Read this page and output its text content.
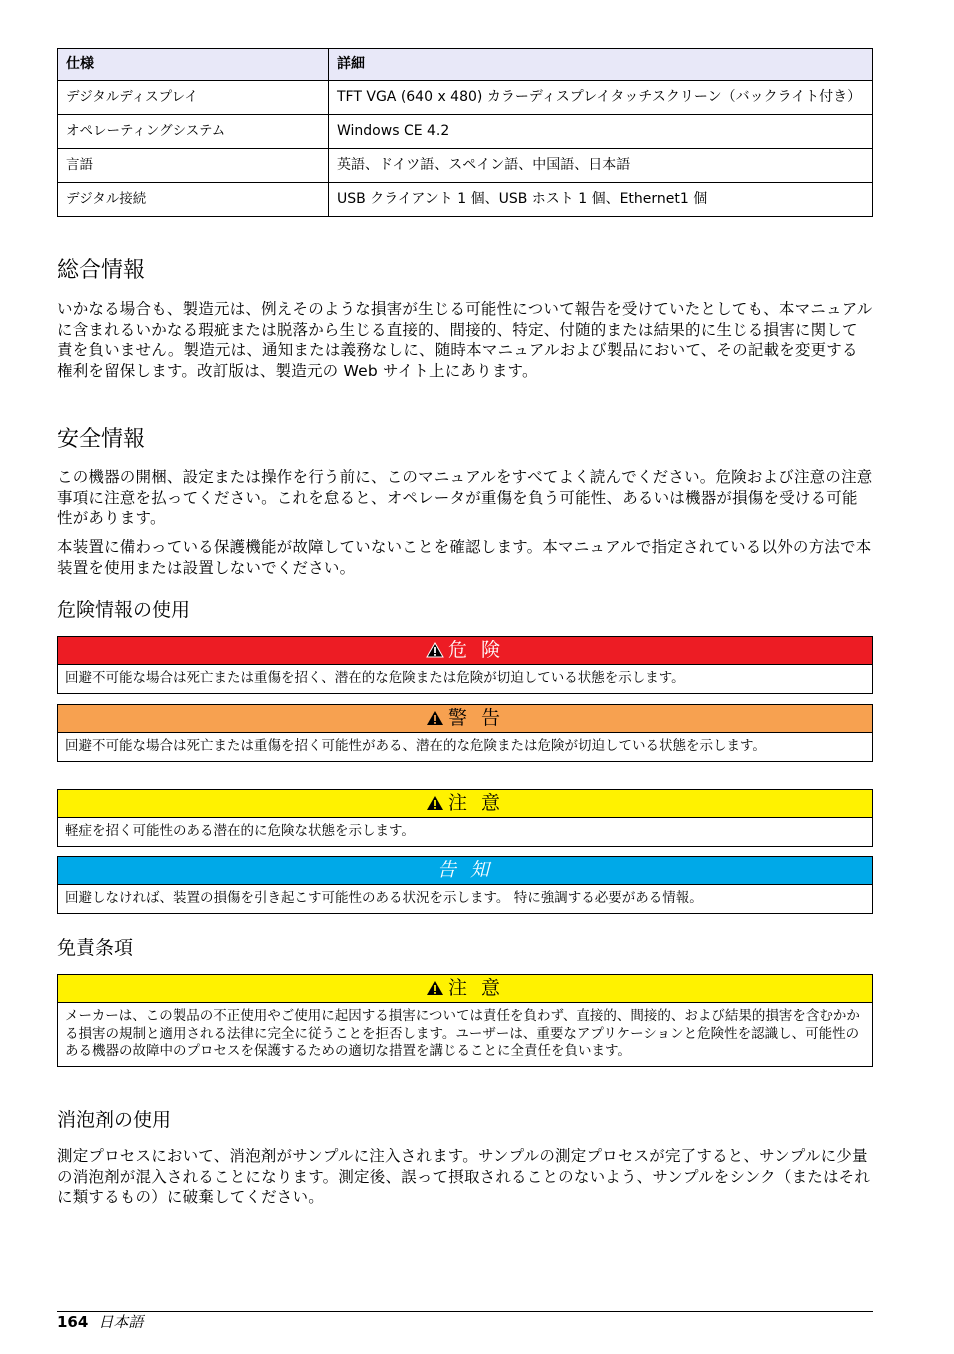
仕様	詳細
デジタルディスプレイ	TFT VGA (640 x 480) カラーディスプレイタッチスクリーン（バックライト付き）
オペレーティングシステム	Windows CE 4.2
言語	英語、ドイツ語、スペイン語、中国語、日本語
デジタル接続	USB クライアント 1 個、USB ホスト 1 個、Ethernet1 個
総合情報

いかなる場合も、製造元は、例えそのような損害が生じる可能性について報告を受けていたとしても、本マニュアルに含まれるいかなる瑕疵または脱落から生じる直接的、間接的、特定、付随的または結果的に生じる損害に関して責を負いません。製造元は、通知または義務なしに、随時本マニュアルおよび製品において、その記載を変更する権利を留保します。改訂版は、製造元の Web サイト上にあります。

安全情報

この機器の開梱、設定または操作を行う前に、このマニュアルをすべてよく読んでください。危険および注意の注意事項に注意を払ってください。これを怠ると、オペレータが重傷を負う可能性、あるいは機器が損傷を受ける可能性があります。

本装置に備わっている保護機能が故障していないことを確認します。本マニュアルで指定されている以外の方法で本装置を使用または設置しないでください。

危険情報の使用
危 険
回避不可能な場合は死亡または重傷を招く、潜在的な危険または危険が切迫している状態を示します。
警 告
回避不可能な場合は死亡または重傷を招く可能性がある、潜在的な危険または危険が切迫している状態を示します。
注 意
軽症を招く可能性のある潜在的に危険な状態を示します。
告 知
回避しなければ、装置の損傷を引き起こす可能性のある状況を示します。 特に強調する必要がある情報。
免責条項
注 意
メーカーは、この製品の不正使用やご使用に起因する損害については責任を負わず、直接的、間接的、および結果的損害を含むかかる損害の規制と適用される法律に完全に従うことを拒否します。ユーザーは、重要なアプリケーションと危険性を認識し、可能性のある機器の故障中のプロセスを保護するための適切な措置を講じることに全責任を負います。
消泡剤の使用

測定プロセスにおいて、消泡剤がサンプルに注入されます。サンプルの測定プロセスが完了すると、サンプルに少量の消泡剤が混入されることになります。測定後、誤って摂取されることのないよう、サンプルをシンク（またはそれに類するもの）に破棄してください。

164 日本語
